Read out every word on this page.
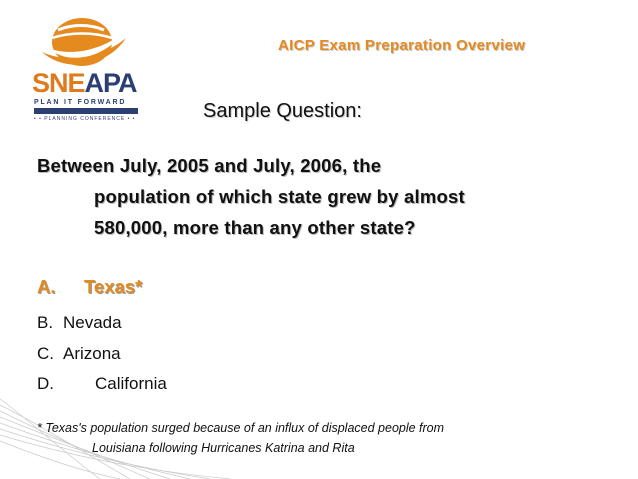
SNEAPA
PLAN IT FORWARD
• • PLANNING CONFERENCE • •
AICP Exam Preparation Overview
Sample Question:
Between July, 2005 and July, 2006, the
population of which state grew by almost
580,000, more than any other state?
A. Texas*
B. Nevada
C. Arizona
D. California
* Texas's population surged because of an influx of displaced people from
Louisiana following Hurricanes Katrina and Rita
